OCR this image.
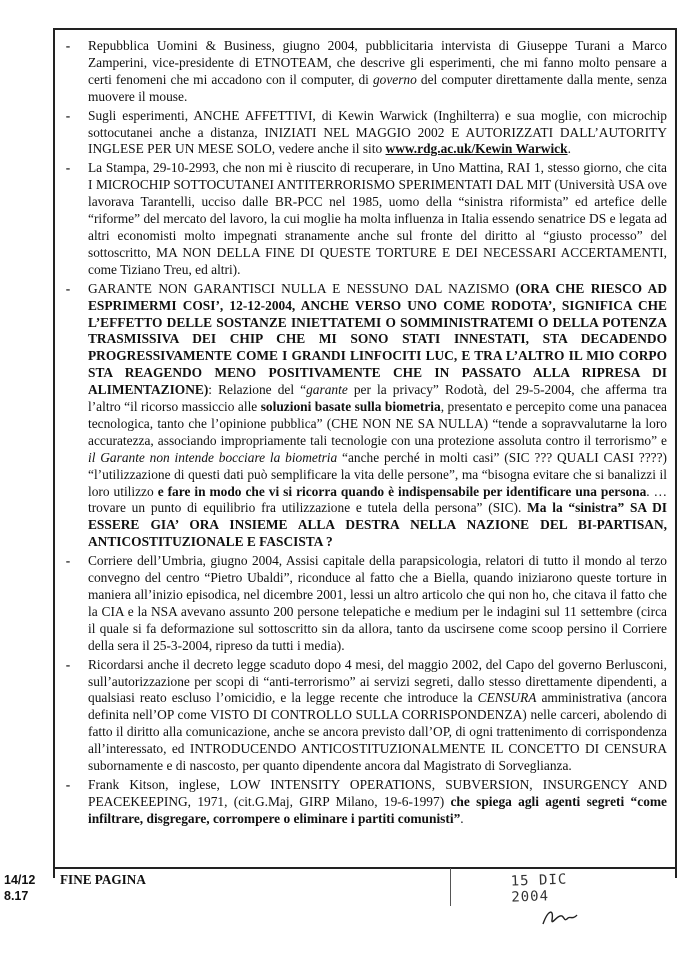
- Repubblica Uomini & Business, giugno 2004, pubblicitaria intervista di Giuseppe Turani a Marco Zamperini, vice-presidente di ETNOTEAM, che descrive gli esperimenti, che mi fanno molto pensare a certi fenomeni che mi accadono con il computer, di governo del computer direttamente dalla mente, senza muovere il mouse.
- Sugli esperimenti, ANCHE AFFETTIVI, di Kewin Warwick (Inghilterra) e sua moglie, con microchip sottocutanei anche a distanza, INIZIATI NEL MAGGIO 2002 E AUTORIZZATI DALL’AUTORITY INGLESE PER UN MESE SOLO, vedere anche il sito www.rdg.ac.uk/Kewin Warwick.
- La Stampa, 29-10-2993, che non mi è riuscito di recuperare, in Uno Mattina, RAI 1, stesso giorno, che cita I MICROCHIP SOTTOCUTANEI ANTITERRORISMO SPERIMENTATI DAL MIT (Università USA ove lavorava Tarantelli, ucciso dalle BR-PCC nel 1985, uomo della “sinistra riformista” ed artefice delle “riforme” del mercato del lavoro, la cui moglie ha molta influenza in Italia essendo senatrice DS e legata ad altri economisti molto impegnati stranamente anche sul fronte del diritto al “giusto processo” del sottoscritto, MA NON DELLA FINE DI QUESTE TORTURE E DEI NECESSARI ACCERTAMENTI, come Tiziano Treu, ed altri).
- GARANTE NON GARANTISCI NULLA E NESSUNO DAL NAZISMO (ORA CHE RIESCO AD ESPRIMERMI COSI’, 12-12-2004, ANCHE VERSO UNO COME RODOTA’, SIGNIFICA CHE L’EFFETTO DELLE SOSTANZE INIETTATEMI O SOMMINISTRATEMI O DELLA POTENZA TRASMISSIVA DEI CHIP CHE MI SONO STATI INNESTATI, STA DECADENDO PROGRESSIVAMENTE COME I GRANDI LINFOCITI LUC, E TRA L’ALTRO IL MIO CORPO STA REAGENDO MENO POSITIVAMENTE CHE IN PASSATO ALLA RIPRESA DI ALIMENTAZIONE): Relazione del “garante per la privacy” Rodotà, del 29-5-2004, che afferma tra l’altro “il ricorso massiccio alle soluzioni basate sulla biometria, presentato e percepito come una panacea tecnologica, tanto che l’opinione pubblica” (CHE NON NE SA NULLA) “tende a sopravvalutarne la loro accuratezza, associando impropriamente tali tecnologie con una protezione assoluta contro il terrorismo” e il Garante non intende bocciare la biometria “anche perché in molti casi” (SIC ??? QUALI CASI ????) “l’utilizzazione di questi dati può semplificare la vita delle persone”, ma “bisogna evitare che si banalizzi il loro utilizzo e fare in modo che vi si ricorra quando è indispensabile per identificare una persona. … trovare un punto di equilibrio fra utilizzazione e tutela della persona” (SIC). Ma la “sinistra” SA DI ESSERE GIA’ ORA INSIEME ALLA DESTRA NELLA NAZIONE DEL BI-PARTISAN, ANTICOSTITUZIONALE E FASCISTA ?
- Corriere dell’Umbria, giugno 2004, Assisi capitale della parapsicologia, relatori di tutto il mondo al terzo convegno del centro “Pietro Ubaldi”, riconduce al fatto che a Biella, quando iniziarono queste torture in maniera all’inizio episodica, nel dicembre 2001, lessi un altro articolo che qui non ho, che citava il fatto che la CIA e la NSA avevano assunto 200 persone telepatiche e medium per le indagini sul 11 settembre (circa il quale si fa deformazione sul sottoscritto sin da allora, tanto da uscirsene come scoop persino il Corriere della sera il 25-3-2004, ripreso da tutti i media).
- Ricordarsi anche il decreto legge scaduto dopo 4 mesi, del maggio 2002, del Capo del governo Berlusconi, sull’autorizzazione per scopi di “anti-terrorismo” ai servizi segreti, dallo stesso direttamente dipendenti, a qualsiasi reato escluso l’omicidio, e la legge recente che introduce la CENSURA amministrativa (ancora definita nell’OP come VISTO DI CONTROLLO SULLA CORRISPONDENZA) nelle carceri, abolendo di fatto il diritto alla comunicazione, anche se ancora previsto dall’OP, di ogni trattenimento di corrispondenza all’interessato, ed INTRODUCENDO ANTICOSTITUZIONALMENTE IL CONCETTO DI CENSURA subornamente e di nascosto, per quanto dipendente ancora dal Magistrato di Sorveglianza.
- Frank Kitson, inglese, LOW INTENSITY OPERATIONS, SUBVERSION, INSURGENCY AND PEACEKEEPING, 1971, (cit.G.Maj, GIRP Milano, 19-6-1997) che spiega agli agenti segreti “come infiltrare, disgregare, corrompere o eliminare i partiti comunisti”.
14/12
8.17
FINE PAGINA	15 DIC 2004
